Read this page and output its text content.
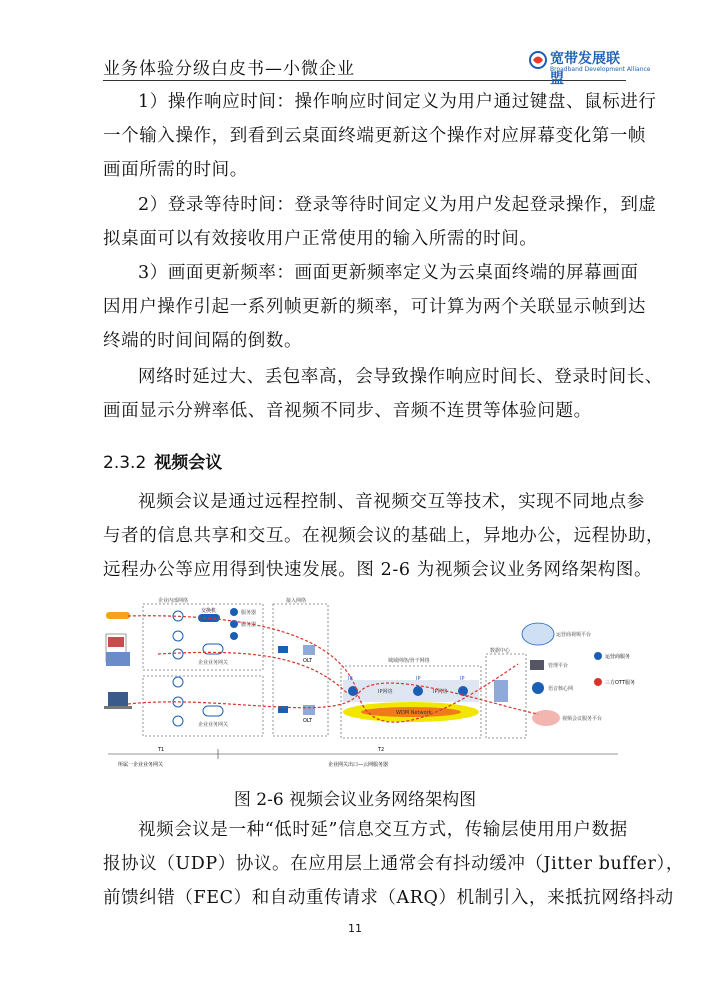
业务体验分级白皮书—小微企业	宽带发展联盟
Broadband Development Alliance
1）操作响应时间：操作响应时间定义为用户通过键盘、鼠标进行
一个输入操作，到看到云桌面终端更新这个操作对应屏幕变化第一帧
画面所需的时间。
2）登录等待时间：登录等待时间定义为用户发起登录操作，到虚
拟桌面可以有效接收用户正常使用的输入所需的时间。
3）画面更新频率：画面更新频率定义为云桌面终端的屏幕画面
因用户操作引起一系列帧更新的频率，可计算为两个关联显示帧到达
终端的时间间隔的倒数。
网络时延过大、丢包率高，会导致操作响应时间长、登录时间长、
画面显示分辨率低、音视频不同步、音频不连贯等体验问题。
2.3.2 视频会议
视频会议是通过远程控制、音视频交互等技术，实现不同地点参
与者的信息共享和交互。在视频会议的基础上，异地办公，远程协助，
远程办公等应用得到快速发展。图 2-6 为视频会议业务网络架构图。
企业内部网络
交换机	服务器
服务器
企业业务网关
企业业务网关
接入网络
OLT
OLT
城域网络/骨干网络
WDM Network
IP	IP	IP
IP网络	IP网络
数据中心
运营商视频平台
管理平台
语音核心网
视频会议服务平台
运营商服务
三方OTT服务
T1	T2
所属一企业业务网关	企业网关出口—云网服务器
图 2-6 视频会议业务网络架构图
视频会议是一种“低时延”信息交互方式，传输层使用用户数据
报协议（UDP）协议。在应用层上通常会有抖动缓冲（Jitter buffer），
前馈纠错（FEC）和自动重传请求（ARQ）机制引入，来抵抗网络抖动
11
